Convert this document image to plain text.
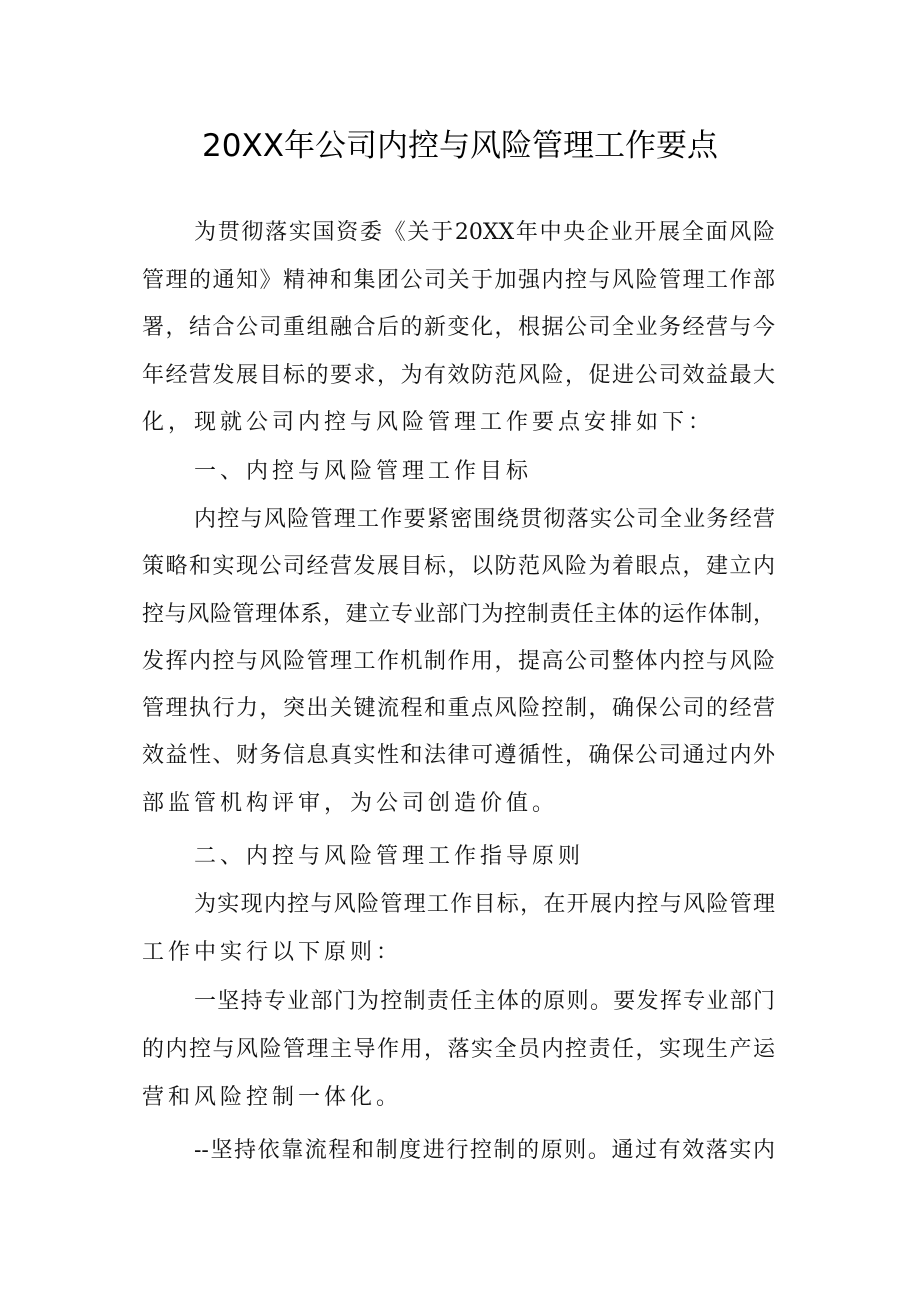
20XX年公司内控与风险管理工作要点
为贯彻落实国资委《关于20XX年中央企业开展全面风险
管理的通知》精神和集团公司关于加强内控与风险管理工作部
署，结合公司重组融合后的新变化，根据公司全业务经营与今
年经营发展目标的要求，为有效防范风险，促进公司效益最大
化，现就公司内控与风险管理工作要点安排如下：
一、内控与风险管理工作目标
内控与风险管理工作要紧密围绕贯彻落实公司全业务经营
策略和实现公司经营发展目标，以防范风险为着眼点，建立内
控与风险管理体系，建立专业部门为控制责任主体的运作体制，
发挥内控与风险管理工作机制作用，提高公司整体内控与风险
管理执行力，突出关键流程和重点风险控制，确保公司的经营
效益性、财务信息真实性和法律可遵循性，确保公司通过内外
部监管机构评审，为公司创造价值。
二、内控与风险管理工作指导原则
为实现内控与风险管理工作目标，在开展内控与风险管理
工作中实行以下原则：
一坚持专业部门为控制责任主体的原则。要发挥专业部门
的内控与风险管理主导作用，落实全员内控责任，实现生产运
营和风险控制一体化。
--坚持依靠流程和制度进行控制的原则。通过有效落实内
